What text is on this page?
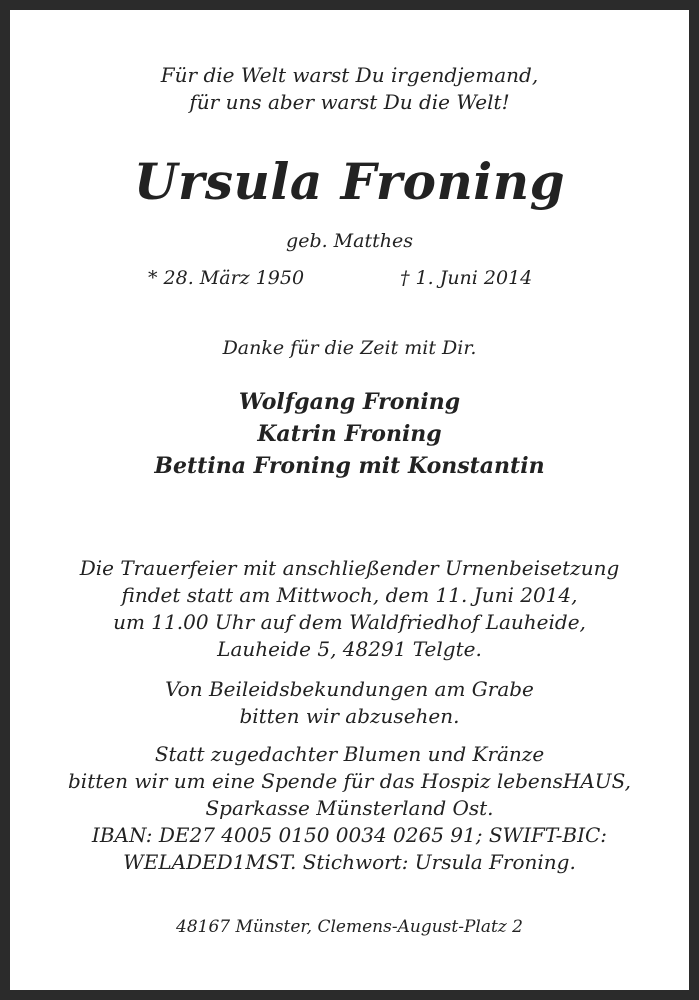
Für die Welt warst Du irgendjemand,
für uns aber warst Du die Welt!
Ursula Froning
geb. Matthes
* 28. März 1950	† 1. Juni 2014
Danke für die Zeit mit Dir.
Wolfgang Froning
Katrin Froning
Bettina Froning mit Konstantin
Die Trauerfeier mit anschließender Urnenbeisetzung
findet statt am Mittwoch, dem 11. Juni 2014,
um 11.00 Uhr auf dem Waldfriedhof Lauheide,
Lauheide 5, 48291 Telgte.
Von Beileidsbekundungen am Grabe
bitten wir abzusehen.
Statt zugedachter Blumen und Kränze
bitten wir um eine Spende für das Hospiz lebensHAUS,
Sparkasse Münsterland Ost.
IBAN: DE27 4005 0150 0034 0265 91; SWIFT-BIC:
WELADED1MST. Stichwort: Ursula Froning.
48167 Münster, Clemens-August-Platz 2
